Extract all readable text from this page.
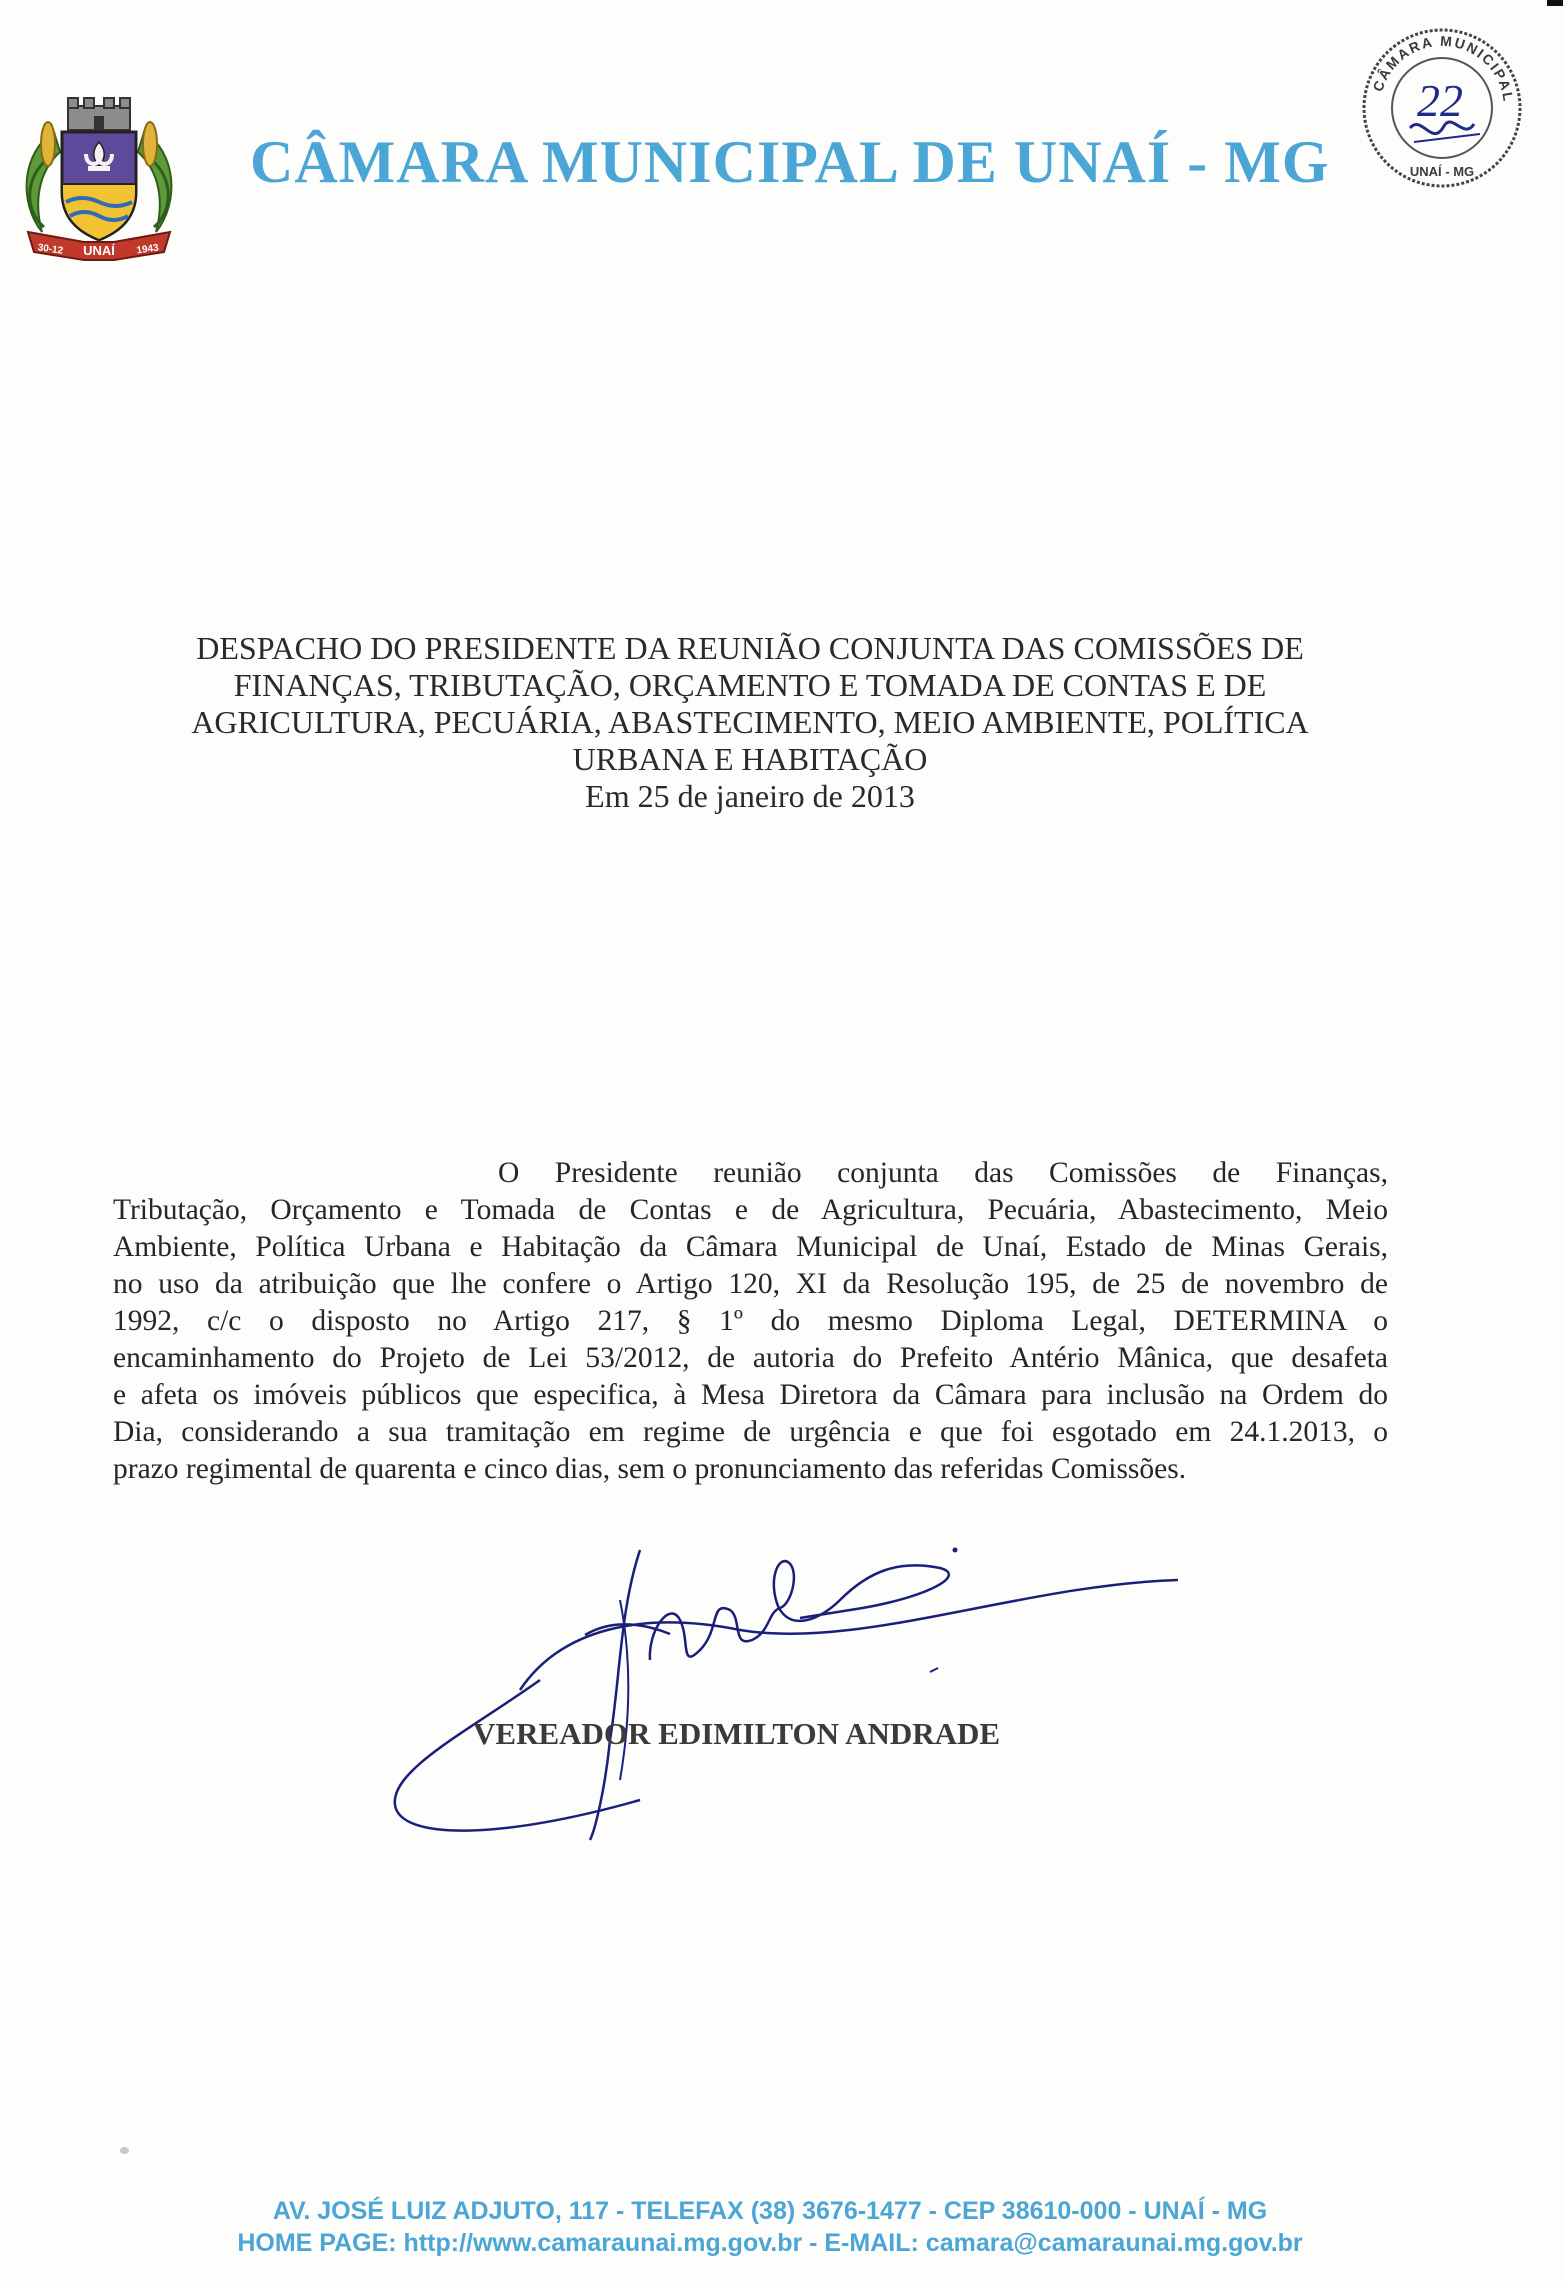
UNAÍ
30-12	1943
CÂMARA MUNICIPAL DE UNAÍ - MG
CÂMARA MUNICIPAL
UNAÍ - MG
22
DESPACHO DO PRESIDENTE DA REUNIÃO CONJUNTA DAS COMISSÕES DE
FINANÇAS, TRIBUTAÇÃO, ORÇAMENTO E TOMADA DE CONTAS E DE
AGRICULTURA, PECUÁRIA, ABASTECIMENTO, MEIO AMBIENTE, POLÍTICA
URBANA E HABITAÇÃO
Em 25 de janeiro de 2013
O Presidente reunião conjunta das Comissões de Finanças,
Tributação, Orçamento e Tomada de Contas e de Agricultura, Pecuária, Abastecimento, Meio
Ambiente, Política Urbana e Habitação da Câmara Municipal de Unaí, Estado de Minas Gerais,
no uso da atribuição que lhe confere o Artigo 120, XI da Resolução 195, de 25 de novembro de
1992, c/c o disposto no Artigo 217, § 1º do mesmo Diploma Legal, DETERMINA o
encaminhamento do Projeto de Lei 53/2012, de autoria do Prefeito Antério Mânica, que desafeta
e afeta os imóveis públicos que especifica, à Mesa Diretora da Câmara para inclusão na Ordem do
Dia, considerando a sua tramitação em regime de urgência e que foi esgotado em 24.1.2013, o
prazo regimental de quarenta e cinco dias, sem o pronunciamento das referidas Comissões.
VEREADOR EDIMILTON ANDRADE
AV. JOSÉ LUIZ ADJUTO, 117 - TELEFAX (38) 3676-1477 - CEP 38610-000 - UNAÍ - MG
HOME PAGE: http://www.camaraunai.mg.gov.br - E-MAIL: camara@camaraunai.mg.gov.br
